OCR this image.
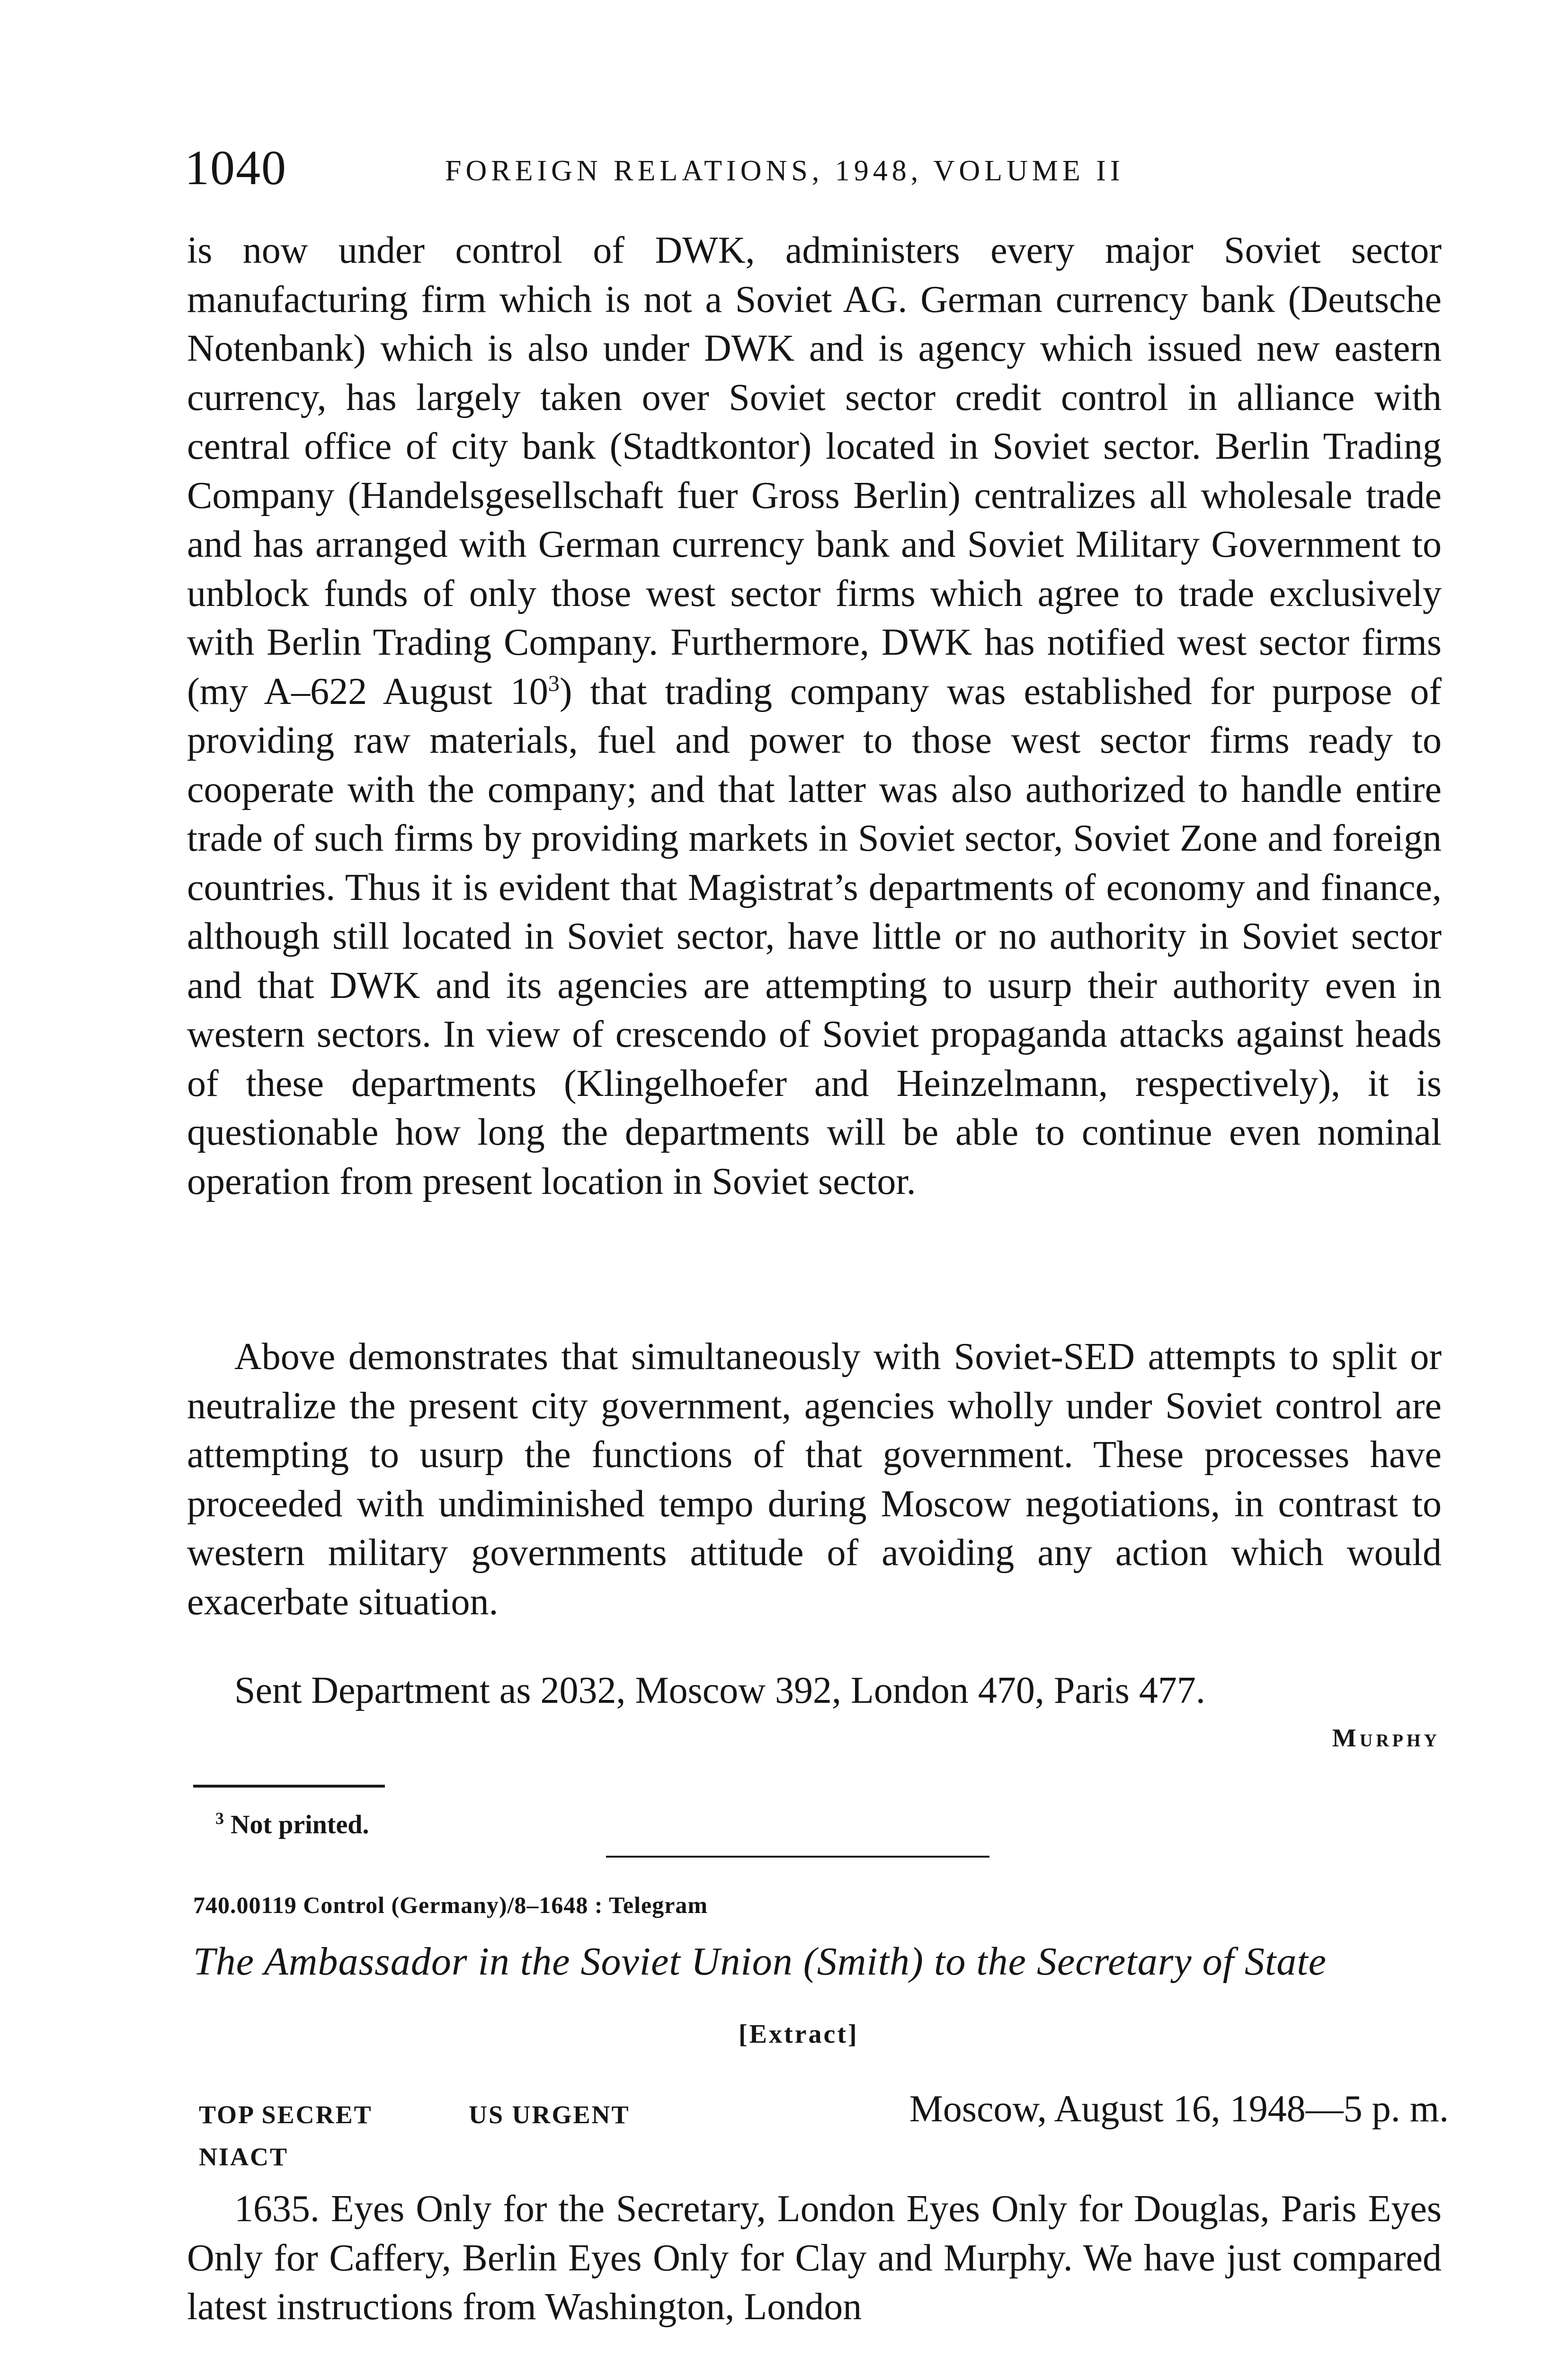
1040	FOREIGN RELATIONS, 1948, VOLUME II

is now under control of DWK, administers every major Soviet sector manufacturing firm which is not a Soviet AG. German currency bank (Deutsche Notenbank) which is also under DWK and is agency which issued new eastern currency, has largely taken over Soviet sector credit control in alliance with central office of city bank (Stadtkontor) located in Soviet sector. Berlin Trading Company (Handelsgesellschaft fuer Gross Berlin) centralizes all wholesale trade and has arranged with German currency bank and Soviet Military Government to unblock funds of only those west sector firms which agree to trade exclusively with Berlin Trading Company. Furthermore, DWK has notified west sector firms (my A–622 August $10^3$) that trading company was established for purpose of providing raw materials, fuel and power to those west sector firms ready to cooperate with the company; and that latter was also authorized to handle entire trade of such firms by providing markets in Soviet sector, Soviet Zone and foreign countries. Thus it is evident that Magistrat’s departments of economy and finance, although still located in Soviet sector, have little or no authority in Soviet sector and that DWK and its agencies are attempting to usurp their authority even in western sectors. In view of crescendo of Soviet propaganda attacks against heads of these departments (Klingelhoefer and Heinzelmann, respectively), it is questionable how long the departments will be able to continue even nominal operation from present location in Soviet sector.

Above demonstrates that simultaneously with Soviet-SED attempts to split or neutralize the present city government, agencies wholly under Soviet control are attempting to usurp the functions of that government. These processes have proceeded with undiminished tempo during Moscow negotiations, in contrast to western military governments attitude of avoiding any action which would exacerbate situation.

Sent Department as 2032, Moscow 392, London 470, Paris 477.

Murphy
$^3$ Not printed.
740.00119 Control (Germany)/8–1648 : Telegram
The Ambassador in the Soviet Union (Smith) to the Secretary of State
[Extract]
TOP SECRET	US URGENT	Moscow, August 16, 1948—5 p. m.
NIACT

1635. Eyes Only for the Secretary, London Eyes Only for Douglas, Paris Eyes Only for Caffery, Berlin Eyes Only for Clay and Murphy. We have just compared latest instructions from Washington, London
